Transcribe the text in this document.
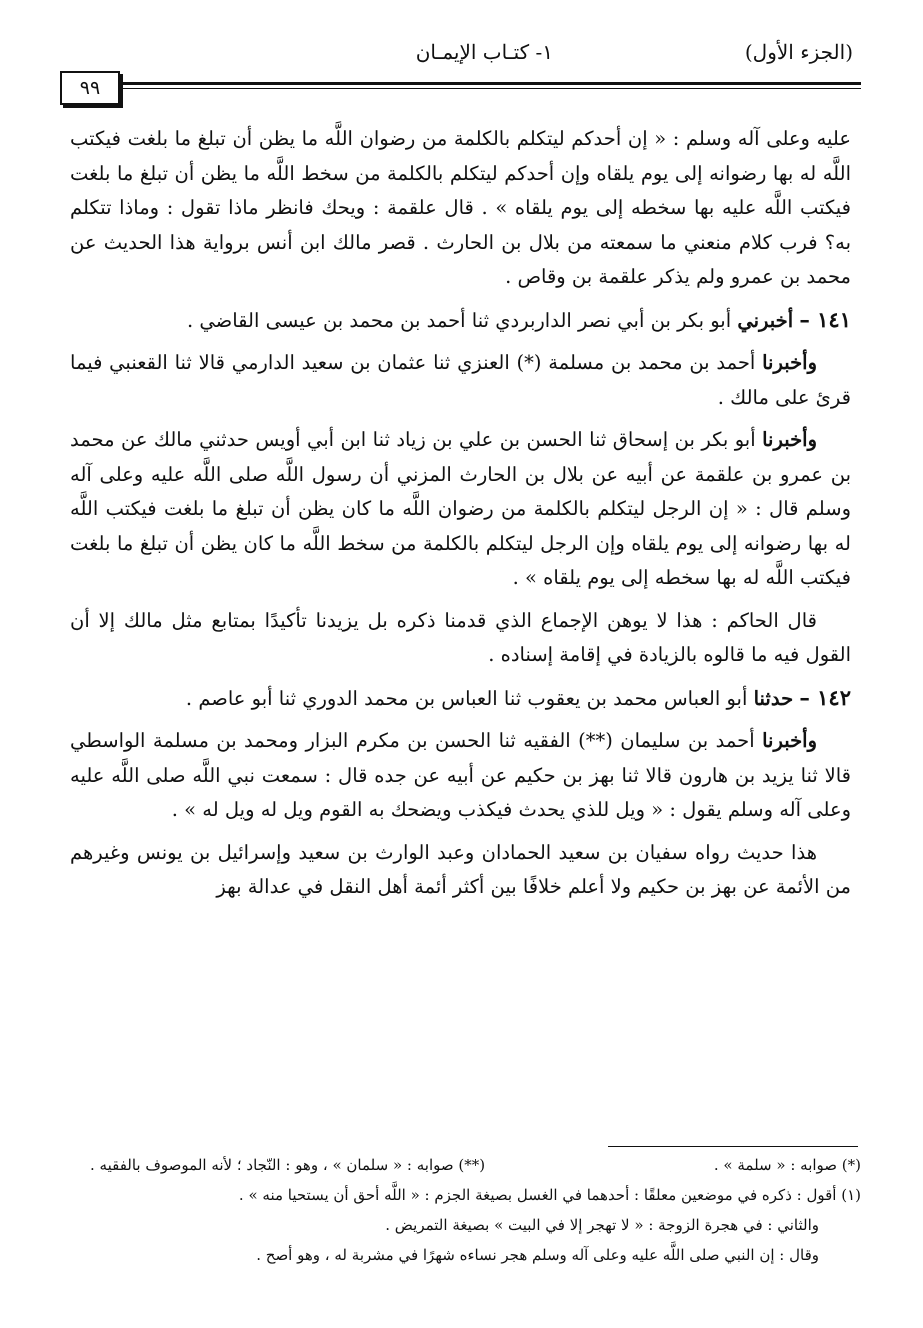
(الجزء الأول)
١- كتـاب الإيمـان
٩٩

عليه وعلى آله وسلم : « إن أحدكم ليتكلم بالكلمة من رضوان اللَّه ما يظن أن تبلغ ما بلغت فيكتب اللَّه له بها رضوانه إلى يوم يلقاه وإن أحدكم ليتكلم بالكلمة من سخط اللَّه ما يظن أن تبلغ ما بلغت فيكتب اللَّه عليه بها سخطه إلى يوم يلقاه » . قال علقمة : ويحك فانظر ماذا تقول : وماذا تتكلم به؟ فرب كلام منعني ما سمعته من بلال بن الحارث . قصر مالك ابن أنس برواية هذا الحديث عن محمد بن عمرو ولم يذكر علقمة بن وقاص .

١٤١ – أخبرني أبو بكر بن أبي نصر الداربردي ثنا أحمد بن محمد بن عيسى القاضي .

وأخبرنا أحمد بن محمد بن مسلمة (*) العنزي ثنا عثمان بن سعيد الدارمي قالا ثنا القعنبي فيما قرئ على مالك .

وأخبرنا أبو بكر بن إسحاق ثنا الحسن بن علي بن زياد ثنا ابن أبي أويس حدثني مالك عن محمد بن عمرو بن علقمة عن أبيه عن بلال بن الحارث المزني أن رسول اللَّه صلى اللَّه عليه وعلى آله وسلم قال : « إن الرجل ليتكلم بالكلمة من رضوان اللَّه ما كان يظن أن تبلغ ما بلغت فيكتب اللَّه له بها رضوانه إلى يوم يلقاه وإن الرجل ليتكلم بالكلمة من سخط اللَّه ما كان يظن أن تبلغ ما بلغت فيكتب اللَّه له بها سخطه إلى يوم يلقاه » .

قال الحاكم : هذا لا يوهن الإجماع الذي قدمنا ذكره بل يزيدنا تأكيدًا بمتابع مثل مالك إلا أن القول فيه ما قالوه بالزيادة في إقامة إسناده .

١٤٢ – حدثنا أبو العباس محمد بن يعقوب ثنا العباس بن محمد الدوري ثنا أبو عاصم .

وأخبرنا أحمد بن سليمان (**) الفقيه ثنا الحسن بن مكرم البزار ومحمد بن مسلمة الواسطي قالا ثنا يزيد بن هارون قالا ثنا بهز بن حكيم عن أبيه عن جده قال : سمعت نبي اللَّه صلى اللَّه عليه وعلى آله وسلم يقول : « ويل للذي يحدث فيكذب ويضحك به القوم ويل له ويل له » .

هذا حديث رواه سفيان بن سعيد الحمادان وعبد الوارث بن سعيد وإسرائيل بن يونس وغيرهم من الأئمة عن بهز بن حكيم ولا أعلم خلافًا بين أكثر أئمة أهل النقل في عدالة بهز

(*) صوابه : « سلمة » .

(**) صوابه : « سلمان » ، وهو : النّجاد ؛ لأنه الموصوف بالفقيه .

(١) أقول : ذكره في موضعين معلقًا : أحدهما في الغسل بصيغة الجزم : « اللَّه أحق أن يستحيا منه » .

والثاني : في هجرة الزوجة : « لا تهجر إلا في البيت » بصيغة التمريض .

وقال : إن النبي صلى اللَّه عليه وعلى آله وسلم هجر نساءه شهرًا في مشربة له ، وهو أصح .
